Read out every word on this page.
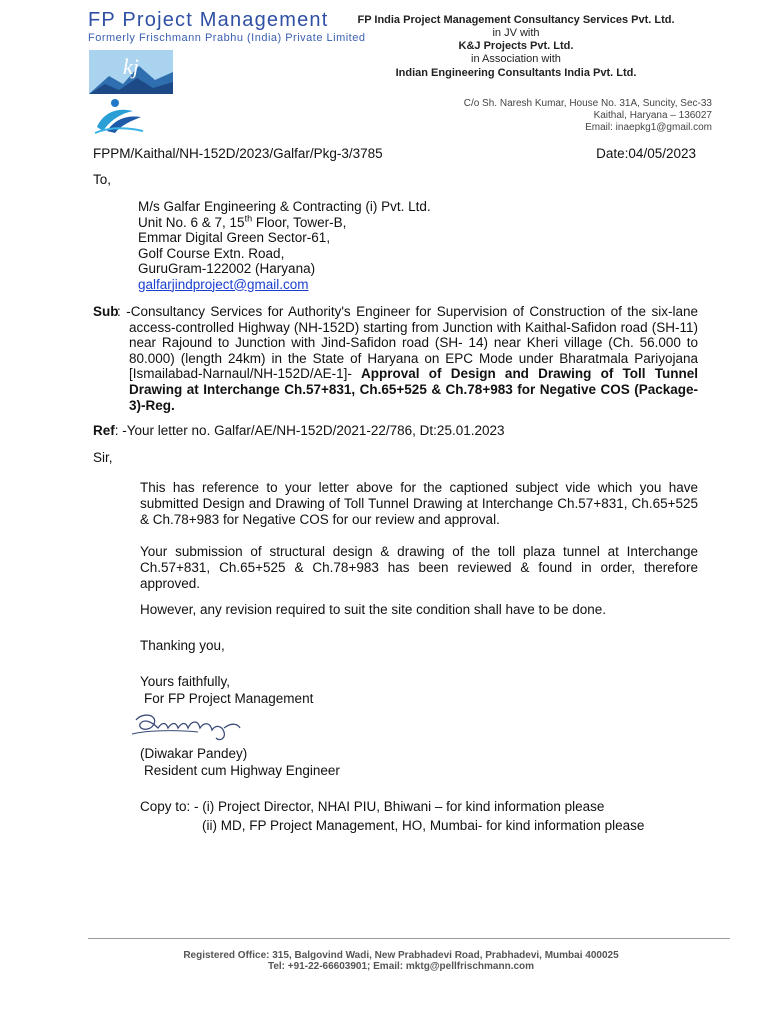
FP Project Management
Formerly Frischmann Prabhu (India) Private Limited
kj
FP India Project Management Consultancy Services Pvt. Ltd.
in JV with
K&J Projects Pvt. Ltd.
in Association with
Indian Engineering Consultants India Pvt. Ltd.
C/o Sh. Naresh Kumar, House No. 31A, Suncity, Sec-33
Kaithal, Haryana – 136027
Email: inaepkg1@gmail.com
FPPM/Kaithal/NH-152D/2023/Galfar/Pkg-3/3785	Date:04/05/2023
To,
M/s Galfar Engineering & Contracting (i) Pvt. Ltd.
Unit No. 6 & 7, 15th Floor, Tower-B,
Emmar Digital Green Sector-61,
Golf Course Extn. Road,
GuruGram-122002 (Haryana)
galfarjindproject@gmail.com
Sub
: -Consultancy Services for Authority's Engineer for Supervision of Construction of the six-lane access-controlled Highway (NH-152D) starting from Junction with Kaithal-Safidon road (SH-11) near Rajound to Junction with Jind-Safidon road (SH- 14) near Kheri village (Ch. 56.000 to 80.000) (length 24km) in the State of Haryana on EPC Mode under Bharatmala Pariyojana [Ismailabad-Narnaul/NH-152D/AE-1]- Approval of Design and Drawing of Toll Tunnel Drawing at Interchange Ch.57+831, Ch.65+525 & Ch.78+983 for Negative COS (Package-3)-Reg.
Ref: -Your letter no. Galfar/AE/NH-152D/2021-22/786, Dt:25.01.2023
Sir,
This has reference to your letter above for the captioned subject vide which you have submitted Design and Drawing of Toll Tunnel Drawing at Interchange Ch.57+831, Ch.65+525 & Ch.78+983 for Negative COS for our review and approval.
Your submission of structural design & drawing of the toll plaza tunnel at Interchange Ch.57+831, Ch.65+525 & Ch.78+983 has been reviewed & found in order, therefore approved.
However, any revision required to suit the site condition shall have to be done.
Thanking you,
Yours faithfully,
For FP Project Management
(Diwakar Pandey)
Resident cum Highway Engineer
Copy to: - (i) Project Director, NHAI PIU, Bhiwani – for kind information please
(ii) MD, FP Project Management, HO, Mumbai- for kind information please
Registered Office: 315, Balgovind Wadi, New Prabhadevi Road, Prabhadevi, Mumbai 400025
Tel: +91-22-66603901; Email: mktg@pellfrischmann.com
